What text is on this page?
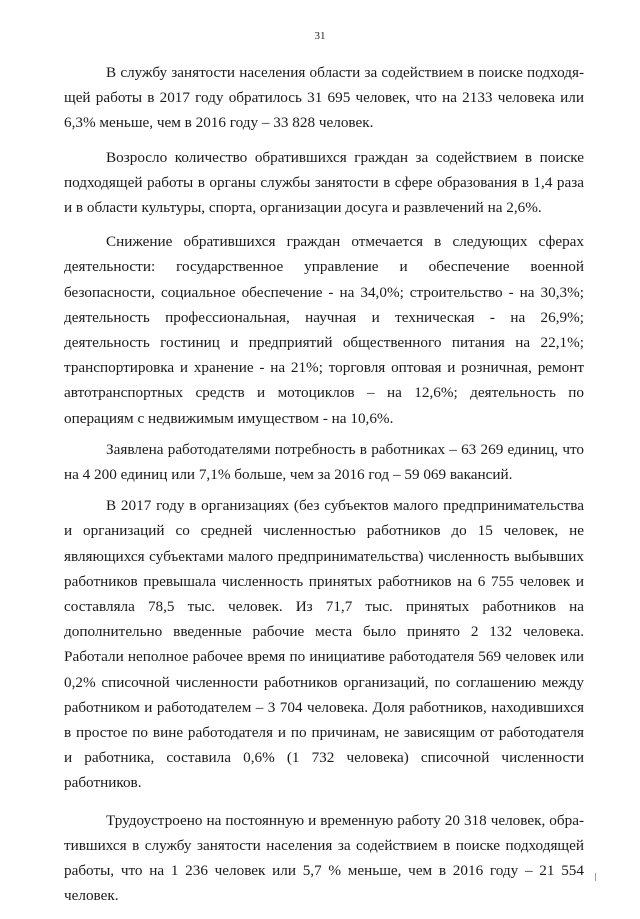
31

В службу занятости населения области за содействием в поиске подходящей работы в 2017 году обратилось 31 695 человек, что на 2133 человека или 6,3% меньше, чем в 2016 году – 33 828 человек.

Возросло количество обратившихся граждан за содействием в поиске подходящей работы в органы службы занятости в сфере образования в 1,4 раза и в области культуры, спорта, организации досуга и развлечений на 2,6%.

Снижение обратившихся граждан отмечается в следующих сферах деятельности: государственное управление и обеспечение военной безопасности, социальное обеспечение - на 34,0%; строительство - на 30,3%; деятельность профессиональная, научная и техническая - на 26,9%; деятельность гостиниц и предприятий общественного питания на 22,1%; транспортировка и хранение - на 21%; торговля оптовая и розничная, ремонт автотранспортных средств и мотоциклов – на 12,6%; деятельность по операциям с недвижимым имуществом - на 10,6%.

Заявлена работодателями потребность в работниках – 63 269 единиц, что на 4 200 единиц или 7,1% больше, чем за 2016 год – 59 069 вакансий.

В 2017 году в организациях (без субъектов малого предпринимательства и организаций со средней численностью работников до 15 человек, не являющихся субъектами малого предпринимательства) численность выбывших работников превышала численность принятых работников на 6 755 человек и составляла 78,5 тыс. человек. Из 71,7 тыс. принятых работников на дополнительно введенные рабочие места было принято 2 132 человека. Работали неполное рабочее время по инициативе работодателя 569 человек или 0,2% списочной численности работников организаций, по соглашению между работником и работодателем – 3 704 человека. Доля работников, находившихся в простое по вине работодателя и по причинам, не зависящим от работодателя и работника, составила 0,6% (1 732 человека) списочной численности работников.

Трудоустроено на постоянную и временную работу 20 318 человек, обратившихся в службу занятости населения за содействием в поиске подходящей работы, что на 1 236 человек или 5,7 % меньше, чем в 2016 году – 21 554 человек.
